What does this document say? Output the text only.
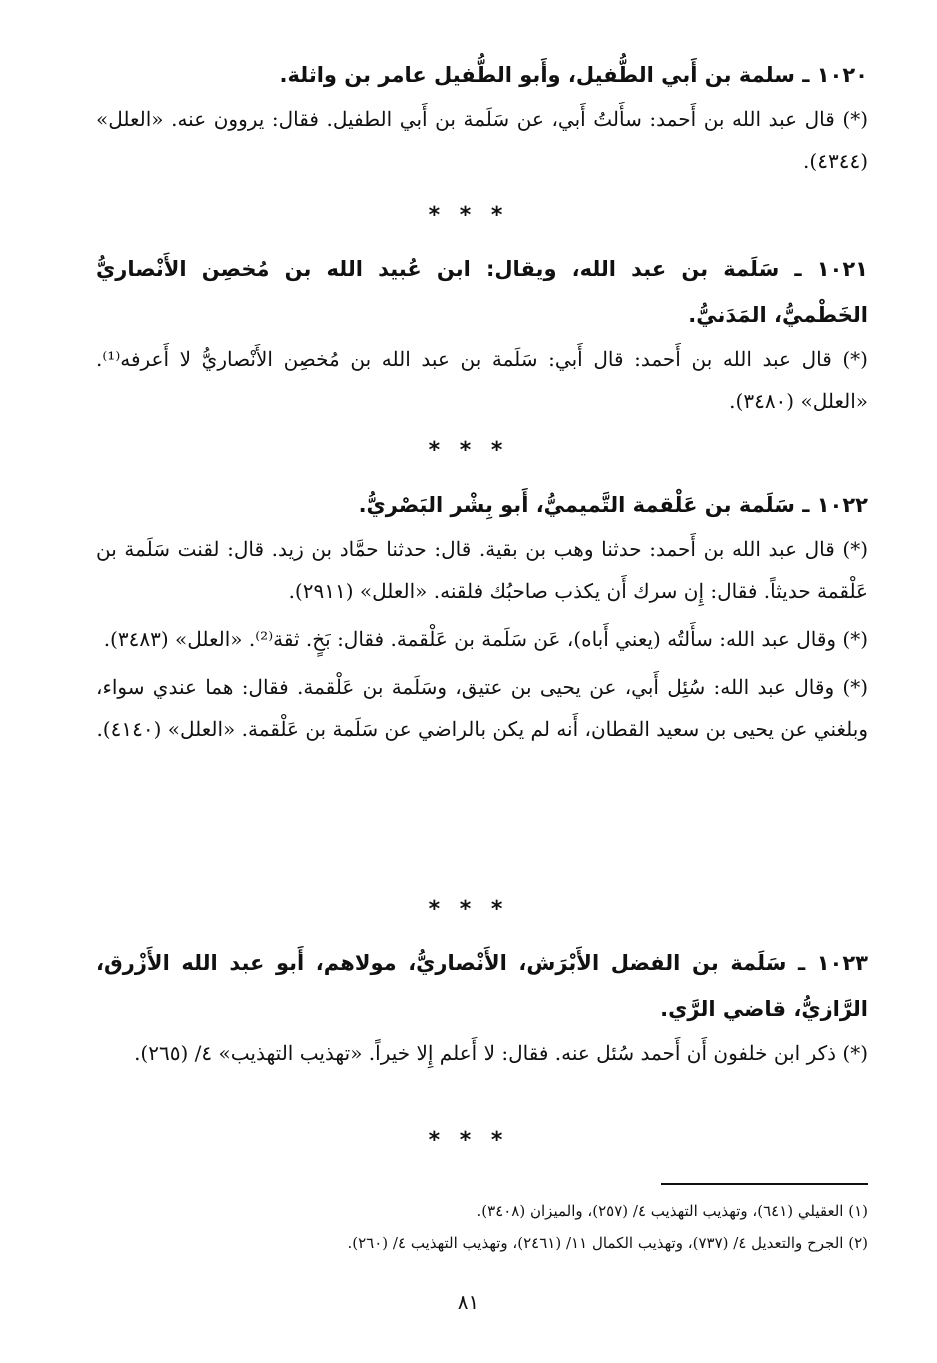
١٠٢٠ ـ سلمة بن أَبي الطُّفيل، وأَبو الطُّفيل عامر بن واثلة.

(*) قال عبد الله بن أَحمد: سأَلتُ أَبي، عن سَلَمة بن أَبي الطفيل. فقال: يروون عنه. «العلل» (٤٣٤٤).

* * *

١٠٢١ ـ سَلَمة بن عبد الله، ويقال: ابن عُبيد الله بن مُخصِن الأَنْصاريُّ الخَطْميُّ، المَدَنيُّ.

(*) قال عبد الله بن أَحمد: قال أَبي: سَلَمة بن عبد الله بن مُخصِن الأَنْصاريُّ لا أَعرفه⁽¹⁾. «العلل» (٣٤٨٠).

* * *

١٠٢٢ ـ سَلَمة بن عَلْقمة التَّميميُّ، أَبو بِشْر البَصْريُّ.

(*) قال عبد الله بن أَحمد: حدثنا وهب بن بقية. قال: حدثنا حمَّاد بن زيد. قال: لقنت سَلَمة بن عَلْقمة حديثاً. فقال: إِن سرك أَن يكذب صاحبُك فلقنه. «العلل» (٢٩١١).

(*) وقال عبد الله: سأَلتُه (يعني أَباه)، عَن سَلَمة بن عَلْقمة. فقال: بَخٍ. ثقة⁽²⁾. «العلل» (٣٤٨٣).

(*) وقال عبد الله: سُئِل أَبي، عن يحيى بن عتيق، وسَلَمة بن عَلْقمة. فقال: هما عندي سواء، وبلغني عن يحيى بن سعيد القطان، أَنه لم يكن بالراضي عن سَلَمة بن عَلْقمة. «العلل» (٤١٤٠).

* * *

١٠٢٣ ـ سَلَمة بن الفضل الأَبْرَش، الأَنْصاريُّ، مولاهم، أَبو عبد الله الأَزْرق، الرَّازيُّ، قاضي الرَّي.

(*) ذكر ابن خلفون أَن أَحمد سُئل عنه. فقال: لا أَعلم إِلا خيراً. «تهذيب التهذيب» ٤/ (٢٦٥).

* * *
(١) العقيلي (٦٤١)، وتهذيب التهذيب ٤/ (٢٥٧)، والميزان (٣٤٠٨).
(٢) الجرح والتعديل ٤/ (٧٣٧)، وتهذيب الكمال ١١/ (٢٤٦١)، وتهذيب التهذيب ٤/ (٢٦٠).
٨١
